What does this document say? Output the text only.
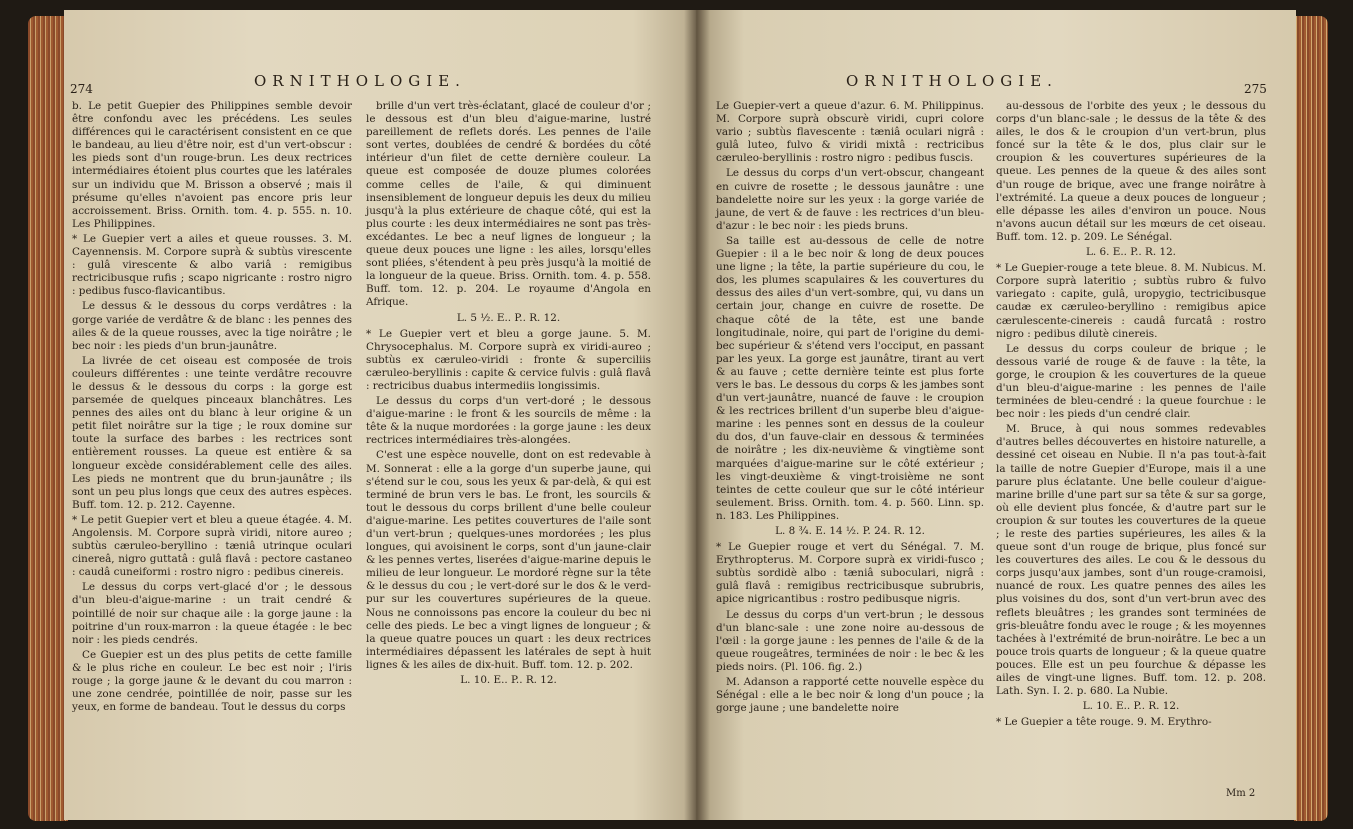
274	ORNITHOLOGIE.

b. Le petit Guepier des Philippines semble devoir être confondu avec les précédens. Les seules différences qui le caractérisent consistent en ce que le bandeau, au lieu d'être noir, est d'un vert-obscur : les pieds sont d'un rouge-brun. Les deux rectrices intermédiaires étoient plus courtes que les latérales sur un individu que M. Brisson a observé ; mais il présume qu'elles n'avoient pas encore pris leur accroissement. Briss. Ornith. tom. 4. p. 555. n. 10. Les Philippines.

* Le Guepier vert a ailes et queue rousses. 3. M. Cayennensis. M. Corpore suprà & subtùs virescente : gulâ virescente & albo variâ : remigibus rectricibusque rufis ; scapo nigricante : rostro nigro : pedibus fusco-flavicantibus.

Le dessus & le dessous du corps verdâtres : la gorge variée de verdâtre & de blanc : les pennes des ailes & de la queue rousses, avec la tige noirâtre ; le bec noir : les pieds d'un brun-jaunâtre.

La livrée de cet oiseau est composée de trois couleurs différentes : une teinte verdâtre recouvre le dessus & le dessous du corps : la gorge est parsemée de quelques pinceaux blanchâtres. Les pennes des ailes ont du blanc à leur origine & un petit filet noirâtre sur la tige ; le roux domine sur toute la surface des barbes : les rectrices sont entièrement rousses. La queue est entière & sa longueur excède considérablement celle des ailes. Les pieds ne montrent que du brun-jaunâtre ; ils sont un peu plus longs que ceux des autres espèces. Buff. tom. 12. p. 212. Cayenne.

* Le petit Guepier vert et bleu a queue étagée. 4. M. Angolensis. M. Corpore suprà viridi, nitore aureo ; subtùs cæruleo-beryllino : tæniâ utrinque oculari cinereâ, nigro guttatâ : gulâ flavâ : pectore castaneo : caudâ cuneiformi : rostro nigro : pedibus cinereis.

Le dessus du corps vert-glacé d'or ; le dessous d'un bleu-d'aigue-marine : un trait cendré & pointillé de noir sur chaque aile : la gorge jaune : la poitrine d'un roux-marron : la queue étagée : le bec noir : les pieds cendrés.

Ce Guepier est un des plus petits de cette famille & le plus riche en couleur. Le bec est noir ; l'iris rouge ; la gorge jaune & le devant du cou marron : une zone cendrée, pointillée de noir, passe sur les yeux, en forme de bandeau. Tout le dessus du corps

brille d'un vert très-éclatant, glacé de couleur d'or ; le dessous est d'un bleu d'aigue-marine, lustré pareillement de reflets dorés. Les pennes de l'aile sont vertes, doublées de cendré & bordées du côté intérieur d'un filet de cette dernière couleur. La queue est composée de douze plumes colorées comme celles de l'aile, & qui diminuent insensiblement de longueur depuis les deux du milieu jusqu'à la plus extérieure de chaque côté, qui est la plus courte : les deux intermédiaires ne sont pas très-excédantes. Le bec a neuf lignes de longueur ; la queue deux pouces une ligne : les ailes, lorsqu'elles sont pliées, s'étendent à peu près jusqu'à la moitié de la longueur de la queue. Briss. Ornith. tom. 4. p. 558. Buff. tom. 12. p. 204. Le royaume d'Angola en Afrique.

L. 5 ½. E.. P.. R. 12.

* Le Guepier vert et bleu a gorge jaune. 5. M. Chrysocephalus. M. Corpore suprà ex viridi-aureo ; subtùs ex cæruleo-viridi : fronte & superciliis cæruleo-beryllinis : capite & cervice fulvis : gulâ flavâ : rectricibus duabus intermediis longissimis.

Le dessus du corps d'un vert-doré ; le dessous d'aigue-marine : le front & les sourcils de même : la tête & la nuque mordorées : la gorge jaune : les deux rectrices intermédiaires très-alongées.

C'est une espèce nouvelle, dont on est redevable à M. Sonnerat : elle a la gorge d'un superbe jaune, qui s'étend sur le cou, sous les yeux & par-delà, & qui est terminé de brun vers le bas. Le front, les sourcils & tout le dessous du corps brillent d'une belle couleur d'aigue-marine. Les petites couvertures de l'aile sont d'un vert-brun ; quelques-unes mordorées ; les plus longues, qui avoisinent le corps, sont d'un jaune-clair & les pennes vertes, liserées d'aigue-marine depuis le milieu de leur longueur. Le mordoré règne sur la tête & le dessus du cou ; le vert-doré sur le dos & le verd-pur sur les couvertures supérieures de la queue. Nous ne connoissons pas encore la couleur du bec ni celle des pieds. Le bec a vingt lignes de longueur ; & la queue quatre pouces un quart : les deux rectrices intermédiaires dépassent les latérales de sept à huit lignes & les ailes de dix-huit. Buff. tom. 12. p. 202.

L. 10. E.. P.. R. 12.

ORNITHOLOGIE.	275

Le Guepier-vert a queue d'azur. 6. M. Philippinus. M. Corpore suprà obscurè viridi, cupri colore vario ; subtùs flavescente : tæniâ oculari nigrâ : gulâ luteo, fulvo & viridi mixtâ : rectricibus cæruleo-beryllinis : rostro nigro : pedibus fuscis.

Le dessus du corps d'un vert-obscur, changeant en cuivre de rosette ; le dessous jaunâtre : une bandelette noire sur les yeux : la gorge variée de jaune, de vert & de fauve : les rectrices d'un bleu-d'azur : le bec noir : les pieds bruns.

Sa taille est au-dessous de celle de notre Guepier : il a le bec noir & long de deux pouces une ligne ; la tête, la partie supérieure du cou, le dos, les plumes scapulaires & les couvertures du dessus des ailes d'un vert-sombre, qui, vu dans un certain jour, change en cuivre de rosette. De chaque côté de la tête, est une bande longitudinale, noire, qui part de l'origine du demi-bec supérieur & s'étend vers l'occiput, en passant par les yeux. La gorge est jaunâtre, tirant au vert & au fauve ; cette dernière teinte est plus forte vers le bas. Le dessous du corps & les jambes sont d'un vert-jaunâtre, nuancé de fauve : le croupion & les rectrices brillent d'un superbe bleu d'aigue-marine : les pennes sont en dessus de la couleur du dos, d'un fauve-clair en dessous & terminées de noirâtre ; les dix-neuvième & vingtième sont marquées d'aigue-marine sur le côté extérieur ; les vingt-deuxième & vingt-troisième ne sont teintes de cette couleur que sur le côté intérieur seulement. Briss. Ornith. tom. 4. p. 560. Linn. sp. n. 183. Les Philippines.

L. 8 ¾. E. 14 ½. P. 24. R. 12.

* Le Guepier rouge et vert du Sénégal. 7. M. Erythropterus. M. Corpore suprà ex viridi-fusco ; subtùs sordidè albo : tæniâ suboculari, nigrâ : gulâ flavâ : remigibus rectricibusque subrubris, apice nigricantibus : rostro pedibusque nigris.

Le dessus du corps d'un vert-brun ; le dessous d'un blanc-sale : une zone noire au-dessous de l'œil : la gorge jaune : les pennes de l'aile & de la queue rougeâtres, terminées de noir : le bec & les pieds noirs. (Pl. 106. fig. 2.)

M. Adanson a rapporté cette nouvelle espèce du Sénégal : elle a le bec noir & long d'un pouce ; la gorge jaune ; une bandelette noire

au-dessous de l'orbite des yeux ; le dessous du corps d'un blanc-sale ; le dessus de la tête & des ailes, le dos & le croupion d'un vert-brun, plus foncé sur la tête & le dos, plus clair sur le croupion & les couvertures supérieures de la queue. Les pennes de la queue & des ailes sont d'un rouge de brique, avec une frange noirâtre à l'extrémité. La queue a deux pouces de longueur ; elle dépasse les ailes d'environ un pouce. Nous n'avons aucun détail sur les mœurs de cet oiseau. Buff. tom. 12. p. 209. Le Sénégal.

L. 6. E.. P.. R. 12.

* Le Guepier-rouge a tete bleue. 8. M. Nubicus. M. Corpore suprà lateritio ; subtùs rubro & fulvo variegato : capite, gulâ, uropygio, tectricibusque caudæ ex cæruleo-beryllino : remigibus apice cærulescente-cinereis : caudâ furcatâ : rostro nigro : pedibus dilutè cinereis.

Le dessus du corps couleur de brique ; le dessous varié de rouge & de fauve : la tête, la gorge, le croupion & les couvertures de la queue d'un bleu-d'aigue-marine : les pennes de l'aile terminées de bleu-cendré : la queue fourchue : le bec noir : les pieds d'un cendré clair.

M. Bruce, à qui nous sommes redevables d'autres belles découvertes en histoire naturelle, a dessiné cet oiseau en Nubie. Il n'a pas tout-à-fait la taille de notre Guepier d'Europe, mais il a une parure plus éclatante. Une belle couleur d'aigue-marine brille d'une part sur sa tête & sur sa gorge, où elle devient plus foncée, & d'autre part sur le croupion & sur toutes les couvertures de la queue ; le reste des parties supérieures, les ailes & la queue sont d'un rouge de brique, plus foncé sur les couvertures des ailes. Le cou & le dessous du corps jusqu'aux jambes, sont d'un rouge-cramoisi, nuancé de roux. Les quatre pennes des ailes les plus voisines du dos, sont d'un vert-brun avec des reflets bleuâtres ; les grandes sont terminées de gris-bleuâtre fondu avec le rouge ; & les moyennes tachées à l'extrémité de brun-noirâtre. Le bec a un pouce trois quarts de longueur ; & la queue quatre pouces. Elle est un peu fourchue & dépasse les ailes de vingt-une lignes. Buff. tom. 12. p. 208. Lath. Syn. I. 2. p. 680. La Nubie.

L. 10. E.. P.. R. 12.

* Le Guepier a tête rouge. 9. M. Erythro-

Mm 2
